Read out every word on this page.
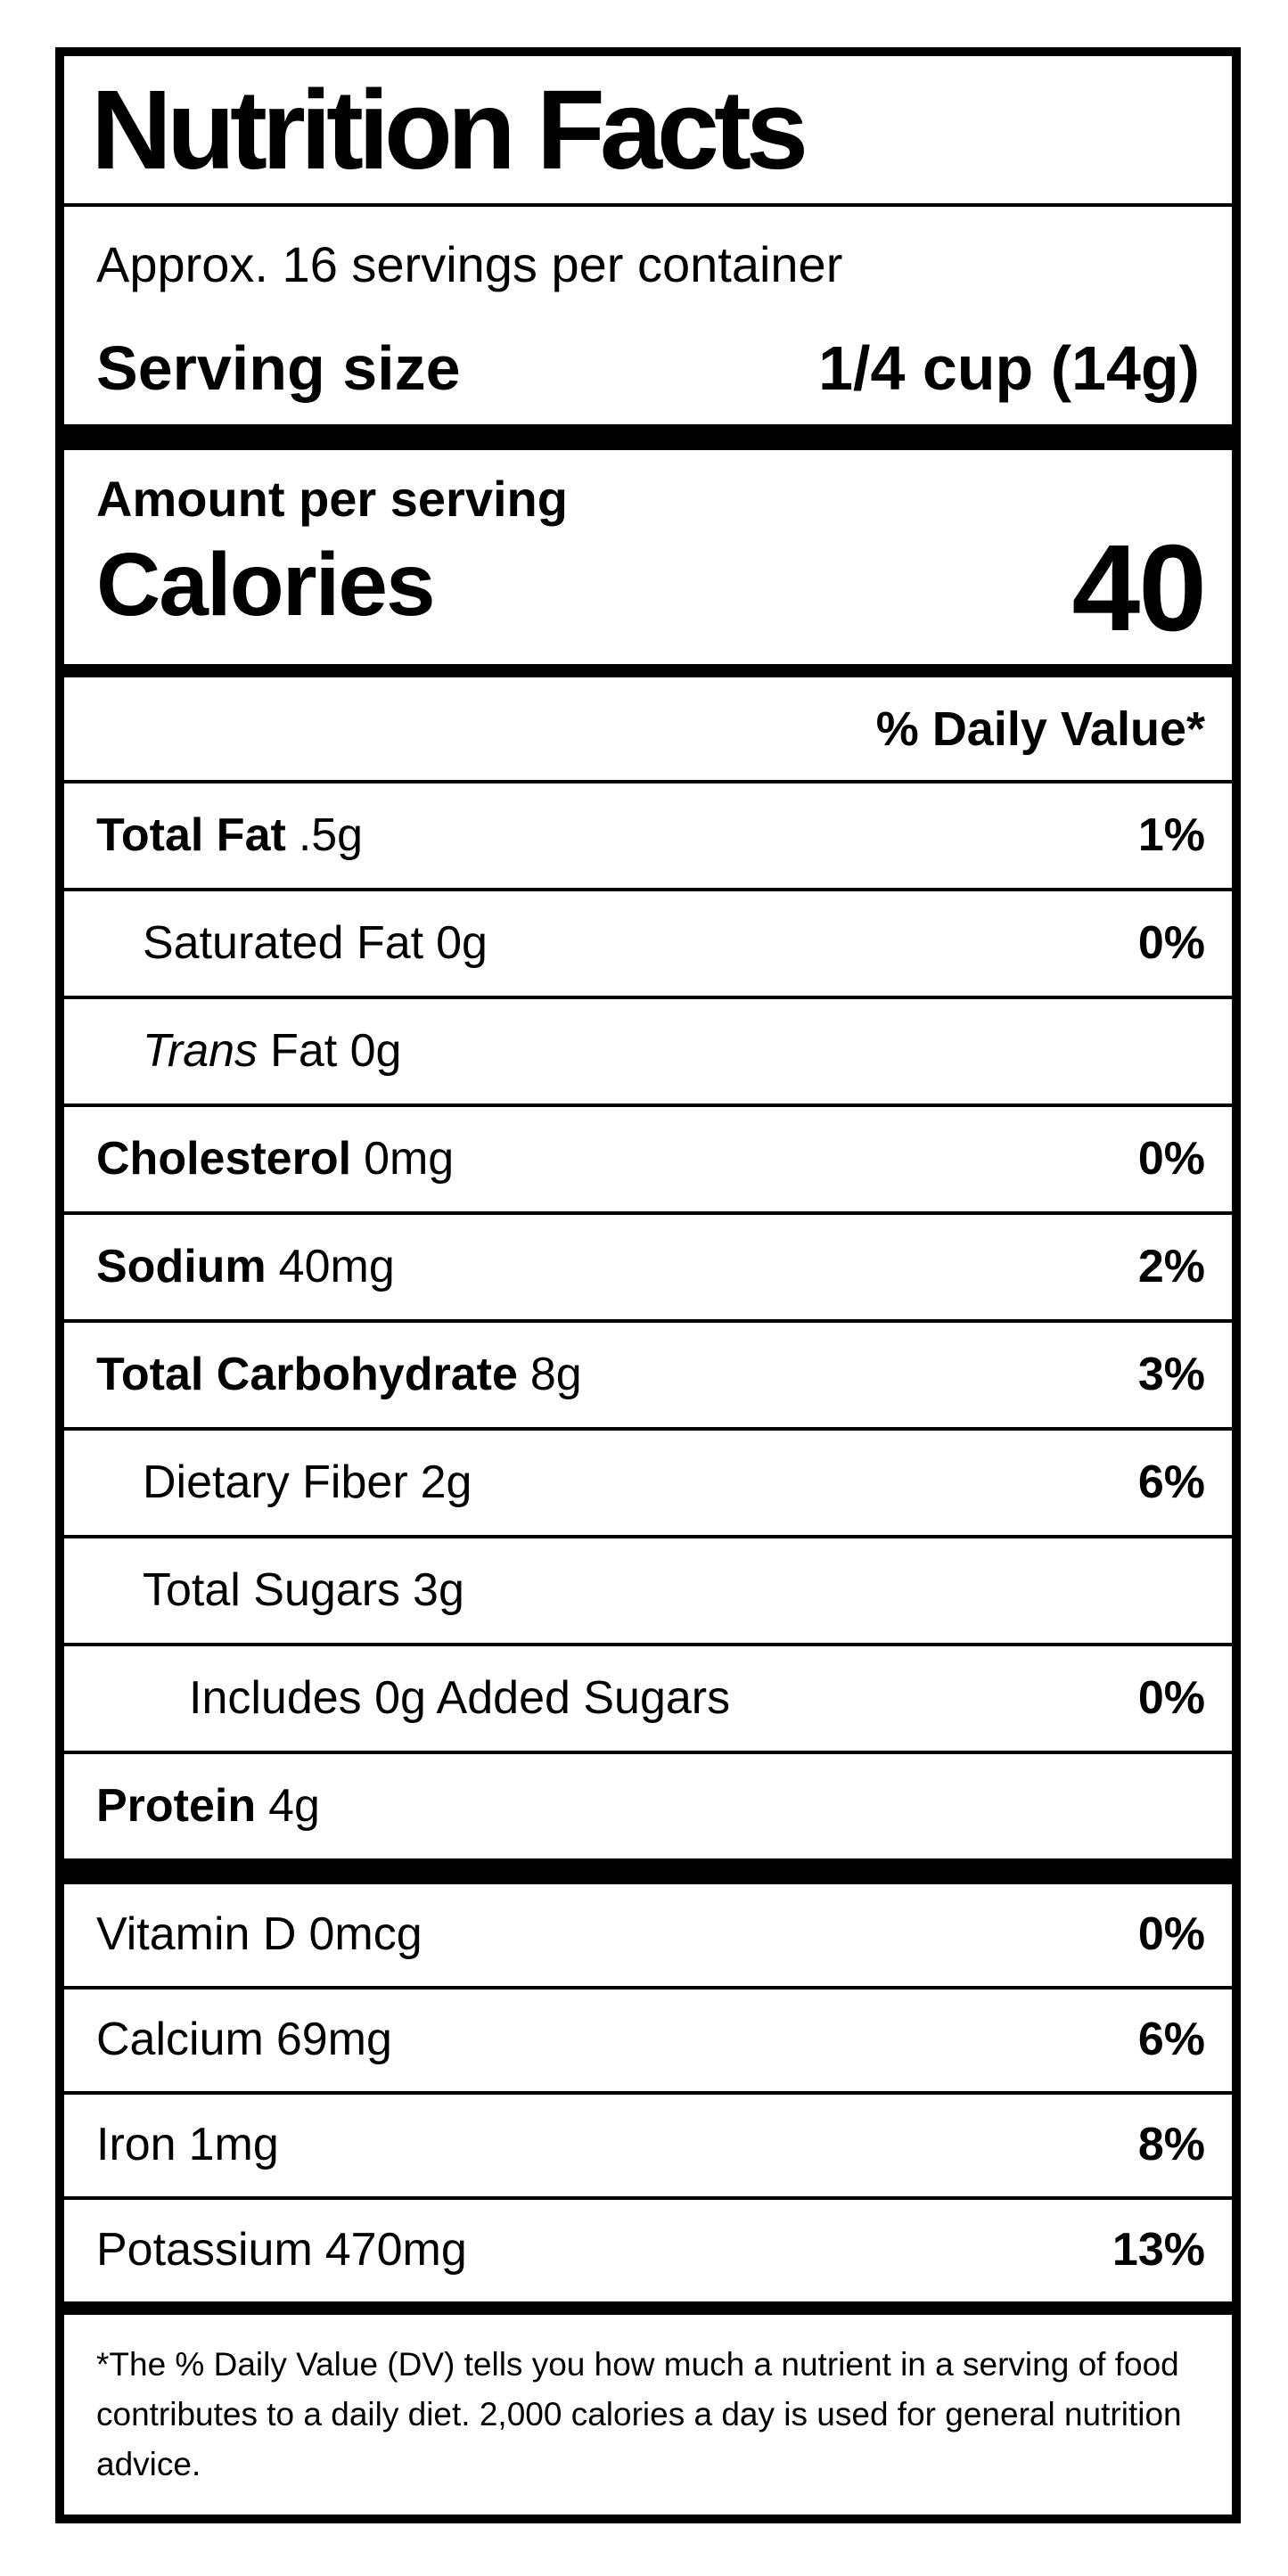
Nutrition Facts
Approx. 16 servings per container
Serving size	1/4 cup (14g)
Amount per serving
Calories	40
% Daily Value*
Total Fat .5g	1%
Saturated Fat 0g	0%
Trans Fat 0g
Cholesterol 0mg	0%
Sodium 40mg	2%
Total Carbohydrate 8g	3%
Dietary Fiber 2g	6%
Total Sugars 3g
Includes 0g Added Sugars	0%
Protein 4g
Vitamin D 0mcg	0%
Calcium 69mg	6%
Iron 1mg	8%
Potassium 470mg	13%

*The % Daily Value (DV) tells you how much a nutrient in a serving of food contributes to a daily diet. 2,000 calories a day is used for general nutrition advice.
